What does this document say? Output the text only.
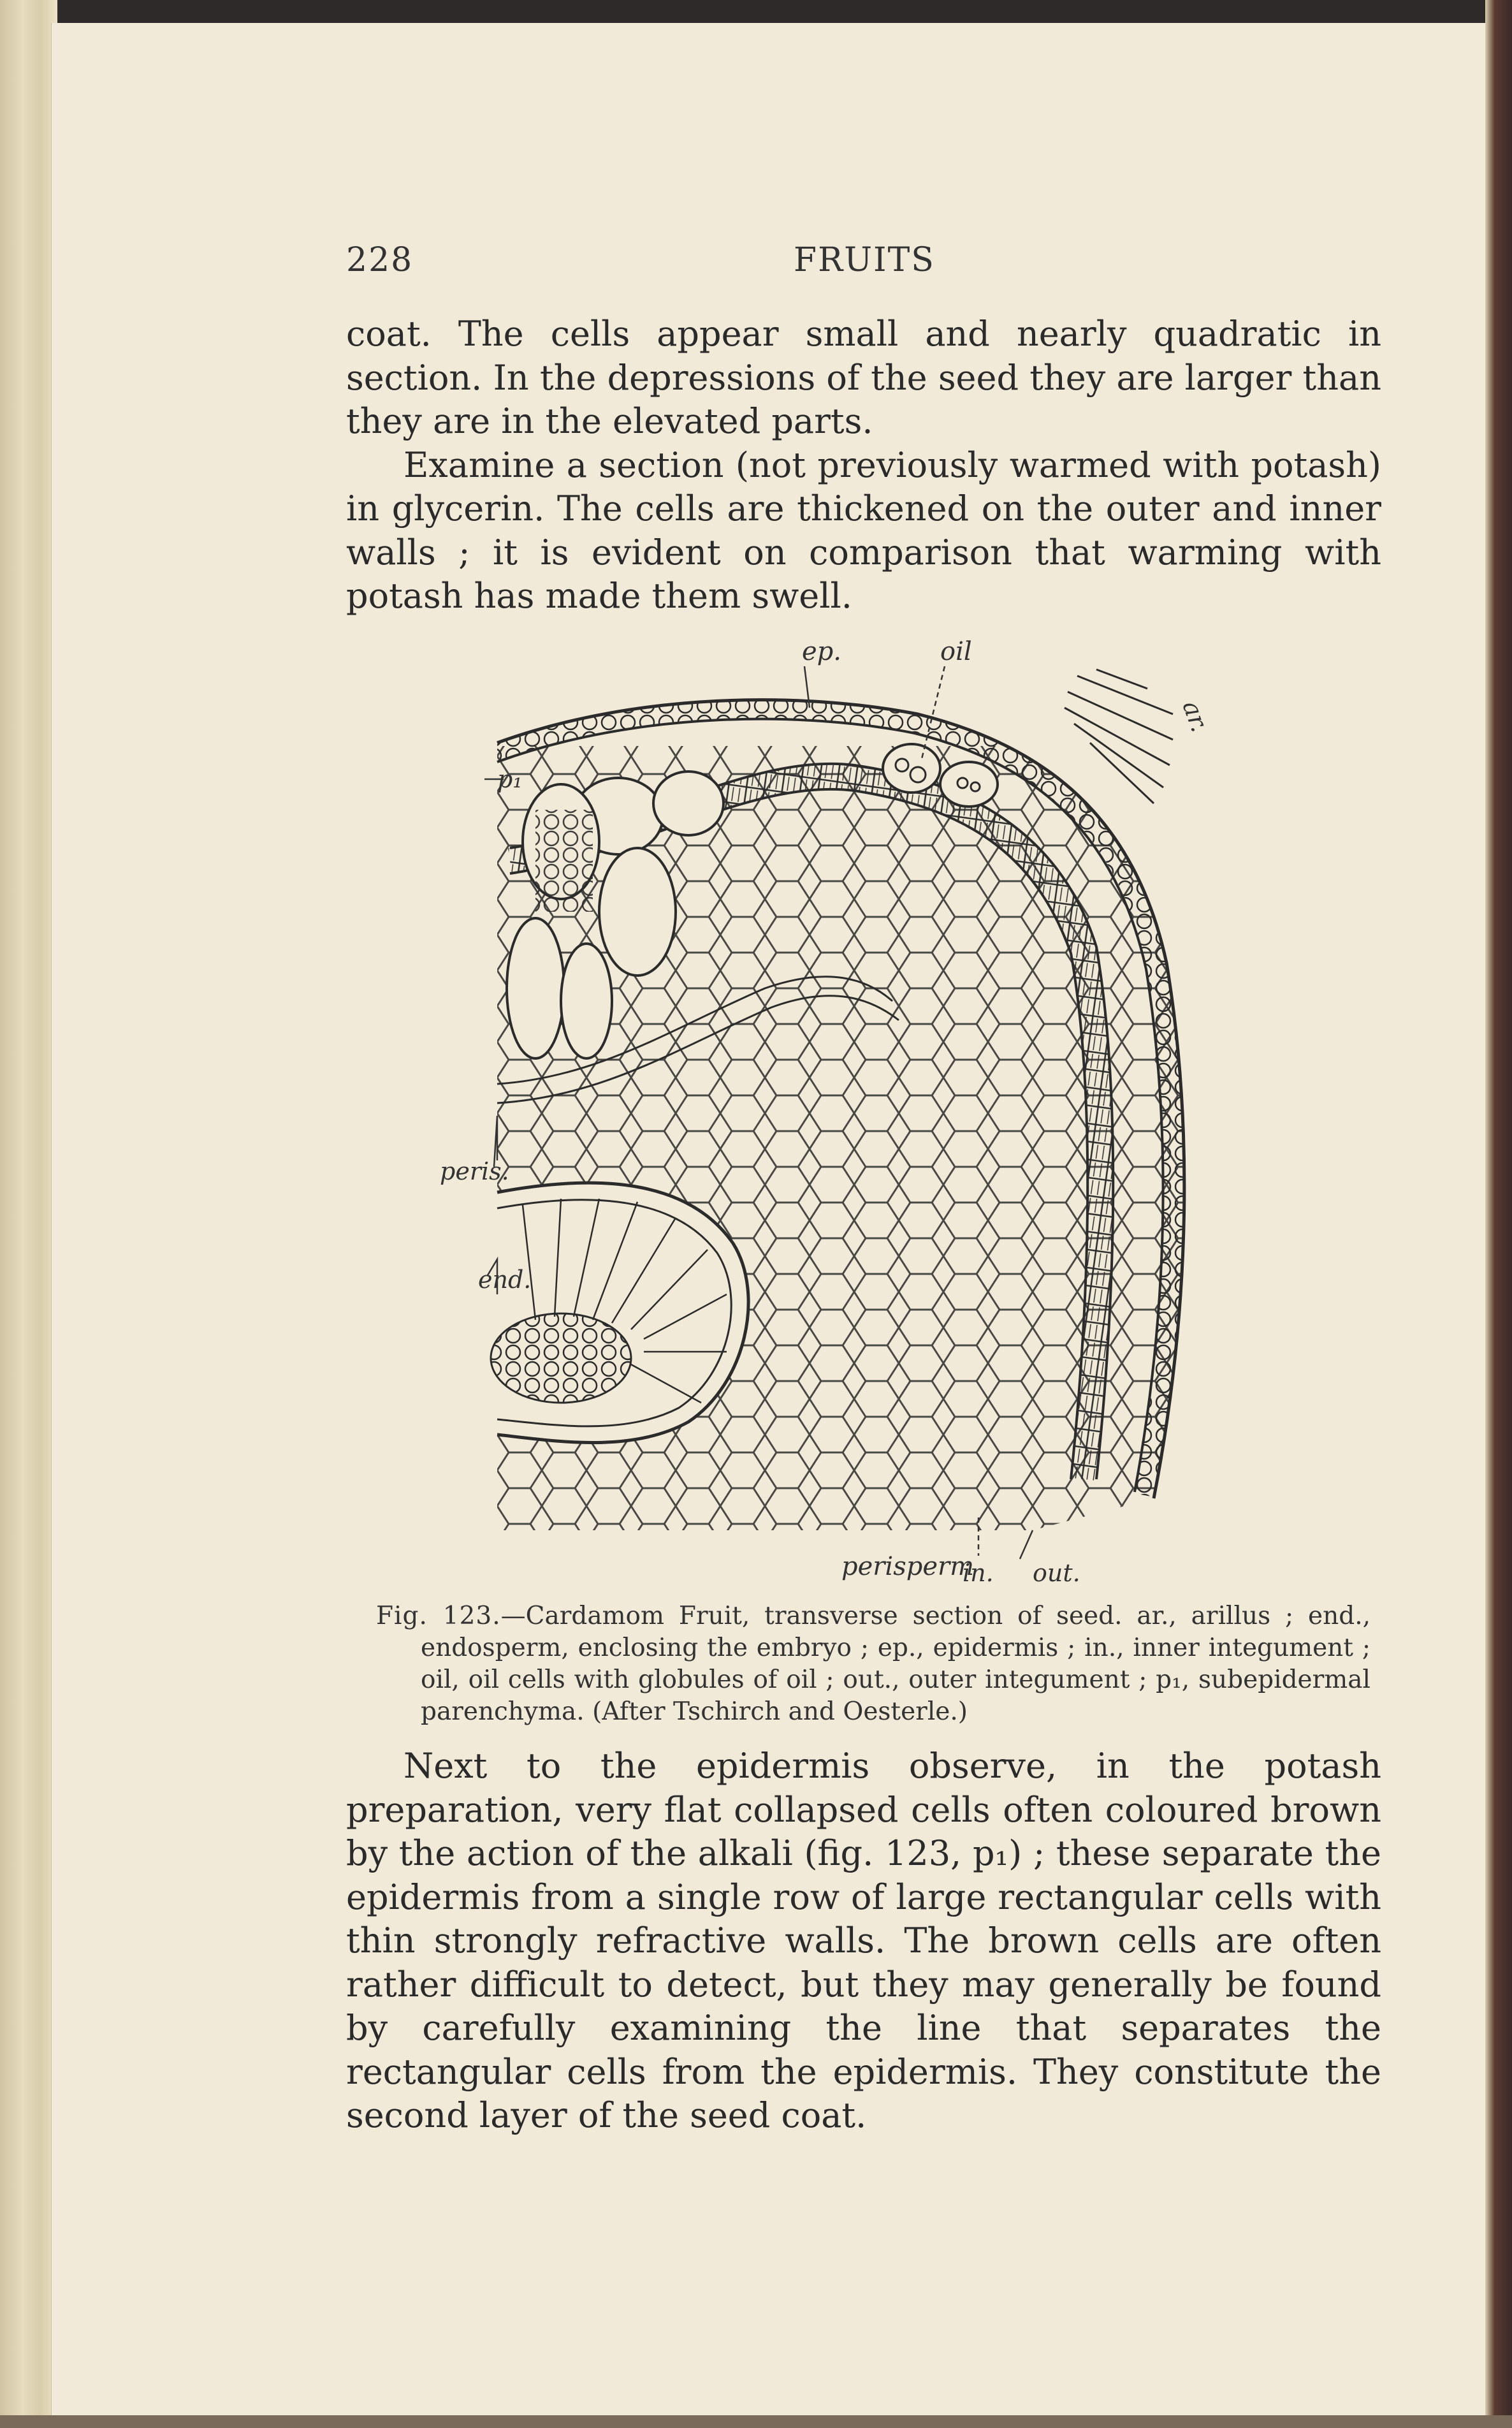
228	FRUITS

coat. The cells appear small and nearly quadratic in section. In the depressions of the seed they are larger than they are in the elevated parts.

Examine a section (not previously warmed with potash) in glycerin. The cells are thickened on the outer and inner walls ; it is evident on comparison that warming with potash has made them swell.

ep.	oil
ar.
p₁
peris.
end.
perisperm
in. out.

Fig. 123.—Cardamom Fruit, transverse section of seed. ar., arillus ; end., endosperm, enclosing the embryo ; ep., epidermis ; in., inner integument ; oil, oil cells with globules of oil ; out., outer integument ; p₁, subepidermal parenchyma. (After Tschirch and Oesterle.)

Next to the epidermis observe, in the potash preparation, very flat collapsed cells often coloured brown by the action of the alkali (fig. 123, p₁) ; these separate the epidermis from a single row of large rectangular cells with thin strongly refractive walls. The brown cells are often rather difficult to detect, but they may generally be found by carefully examining the line that separates the rectangular cells from the epidermis. They constitute the second layer of the seed coat.
